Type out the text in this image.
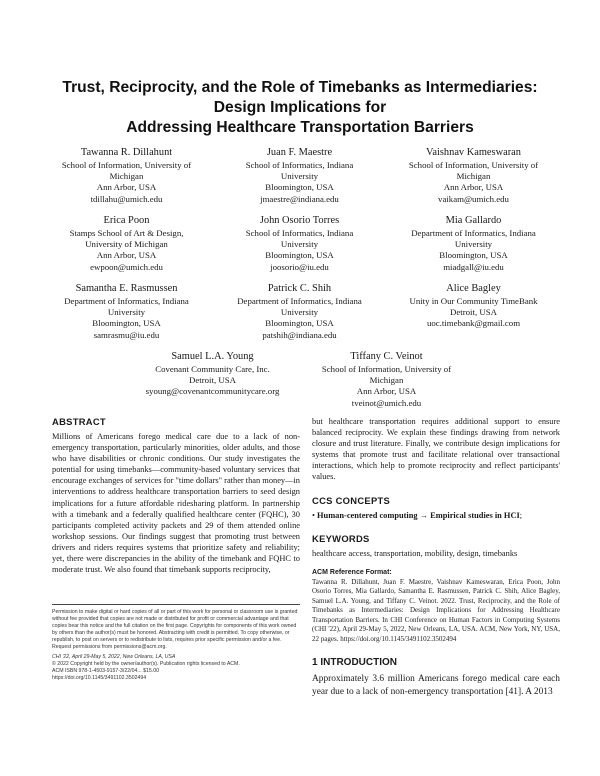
Trust, Reciprocity, and the Role of Timebanks as Intermediaries:
Design Implications for
Addressing Healthcare Transportation Barriers
Tawanna R. Dillahunt
School of Information, University of
Michigan
Ann Arbor, USA
tdillahu@umich.edu
Juan F. Maestre
School of Informatics, Indiana
University
Bloomington, USA
jmaestre@indiana.edu
Vaishnav Kameswaran
School of Information, University of
Michigan
Ann Arbor, USA
vaikam@umich.edu
Erica Poon
Stamps School of Art & Design,
University of Michigan
Ann Arbor, USA
ewpoon@umich.edu
John Osorio Torres
School of Informatics, Indiana
University
Bloomington, USA
joosorio@iu.edu
Mia Gallardo
Department of Informatics, Indiana
University
Bloomington, USA
miadgall@iu.edu
Samantha E. Rasmussen
Department of Informatics, Indiana
University
Bloomington, USA
samrasmu@iu.edu
Patrick C. Shih
Department of Informatics, Indiana
University
Bloomington, USA
patshih@indiana.edu
Alice Bagley
Unity in Our Community TimeBank
Detroit, USA
uoc.timebank@gmail.com
Samuel L.A. Young
Covenant Community Care, Inc.
Detroit, USA
syoung@covenantcommunitycare.org
Tiffany C. Veinot
School of Information, University of
Michigan
Ann Arbor, USA
tveinot@umich.edu
ABSTRACT

Millions of Americans forego medical care due to a lack of non-emergency transportation, particularly minorities, older adults, and those who have disabilities or chronic conditions. Our study investigates the potential for using timebanks—community-based voluntary services that encourage exchanges of services for "time dollars" rather than money—in interventions to address healthcare transportation barriers to seed design implications for a future affordable ridesharing platform. In partnership with a timebank and a federally qualified healthcare center (FQHC), 30 participants completed activity packets and 29 of them attended online workshop sessions. Our findings suggest that promoting trust between drivers and riders requires systems that prioritize safety and reliability; yet, there were discrepancies in the ability of the timebank and FQHC to moderate trust. We also found that timebank supports reciprocity,

Permission to make digital or hard copies of all or part of this work for personal or classroom use is granted without fee provided that copies are not made or distributed for profit or commercial advantage and that copies bear this notice and the full citation on the first page. Copyrights for components of this work owned by others than the author(s) must be honored. Abstracting with credit is permitted. To copy otherwise, or republish, to post on servers or to redistribute to lists, requires prior specific permission and/or a fee. Request permissions from permissions@acm.org.

CHI '22, April 29-May 5, 2022, New Orleans, LA, USA

© 2022 Copyright held by the owner/author(s). Publication rights licensed to ACM.

ACM ISBN 978-1-4503-9157-3/22/04... $15.00

https://doi.org/10.1145/3491102.3502494

but healthcare transportation requires additional support to ensure balanced reciprocity. We explain these findings drawing from network closure and trust literature. Finally, we contribute design implications for systems that promote trust and facilitate relational over transactional interactions, which help to promote reciprocity and reflect participants' values.

CCS CONCEPTS
• Human-centered computing → Empirical studies in HCI;
KEYWORDS
healthcare access, transportation, mobility, design, timebanks
ACM Reference Format:
Tawanna R. Dillahunt, Juan F. Maestre, Vaishnav Kameswaran, Erica Poon, John Osorio Torres, Mia Gallardo, Samantha E. Rasmussen, Patrick C. Shih, Alice Bagley, Samuel L.A. Young, and Tiffany C. Veinot. 2022. Trust, Reciprocity, and the Role of Timebanks as Intermediaries: Design Implications for Addressing Healthcare Transportation Barriers. In CHI Conference on Human Factors in Computing Systems (CHI '22), April 29-May 5, 2022, New Orleans, LA, USA. ACM, New York, NY, USA, 22 pages. https://doi.org/10.1145/3491102.3502494
1 INTRODUCTION

Approximately 3.6 million Americans forego medical care each year due to a lack of non-emergency transportation [41]. A 2013
